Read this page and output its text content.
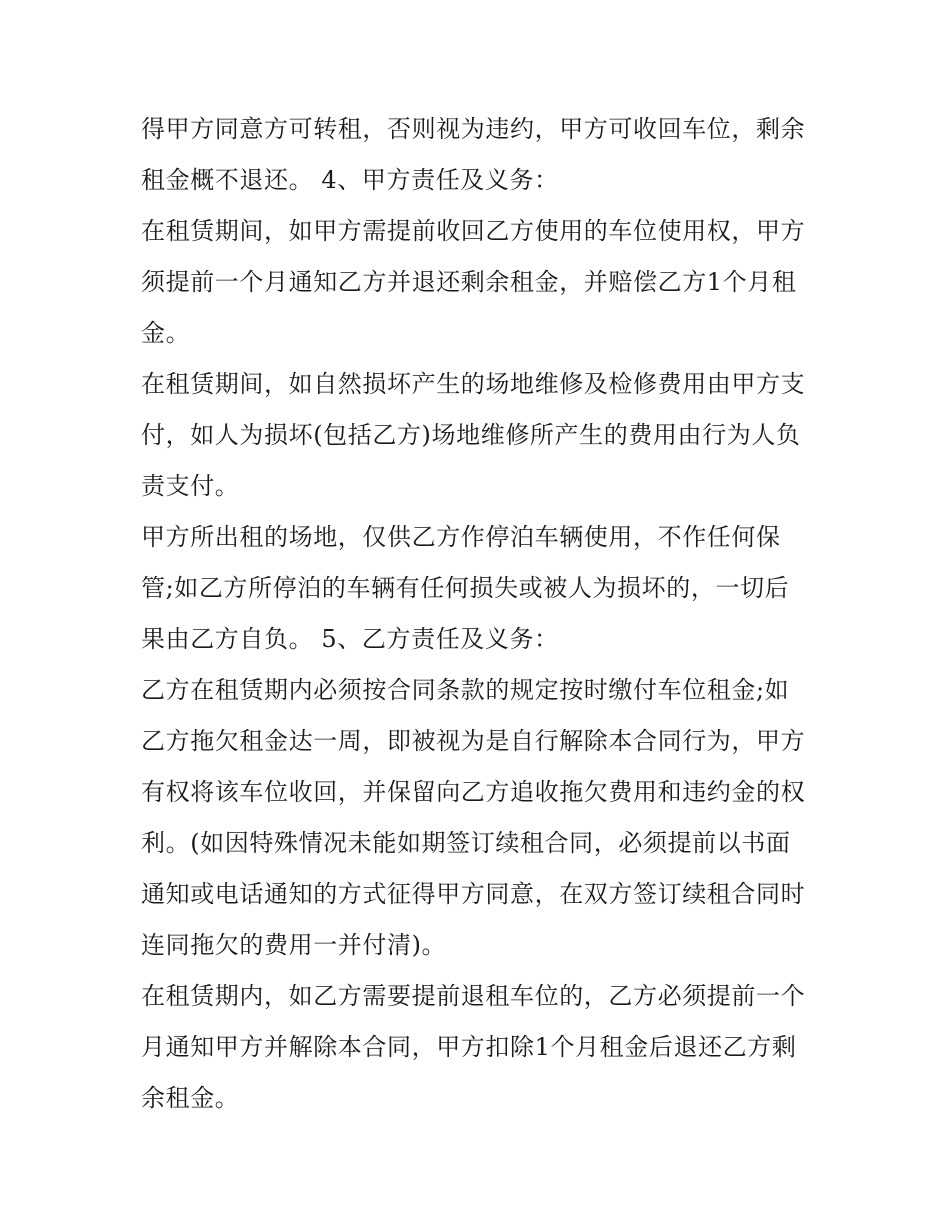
得甲方同意方可转租，否则视为违约，甲方可收回车位，剩余
租金概不退还。 4、甲方责任及义务：
在租赁期间，如甲方需提前收回乙方使用的车位使用权，甲方
须提前一个月通知乙方并退还剩余租金，并赔偿乙方1个月租
金。
在租赁期间，如自然损坏产生的场地维修及检修费用由甲方支
付，如人为损坏(包括乙方)场地维修所产生的费用由行为人负
责支付。
甲方所出租的场地，仅供乙方作停泊车辆使用，不作任何保
管;如乙方所停泊的车辆有任何损失或被人为损坏的，一切后
果由乙方自负。 5、乙方责任及义务：
乙方在租赁期内必须按合同条款的规定按时缴付车位租金;如
乙方拖欠租金达一周，即被视为是自行解除本合同行为，甲方
有权将该车位收回，并保留向乙方追收拖欠费用和违约金的权
利。(如因特殊情况未能如期签订续租合同，必须提前以书面
通知或电话通知的方式征得甲方同意，在双方签订续租合同时
连同拖欠的费用一并付清)。
在租赁期内，如乙方需要提前退租车位的，乙方必须提前一个
月通知甲方并解除本合同，甲方扣除1个月租金后退还乙方剩
余租金。
